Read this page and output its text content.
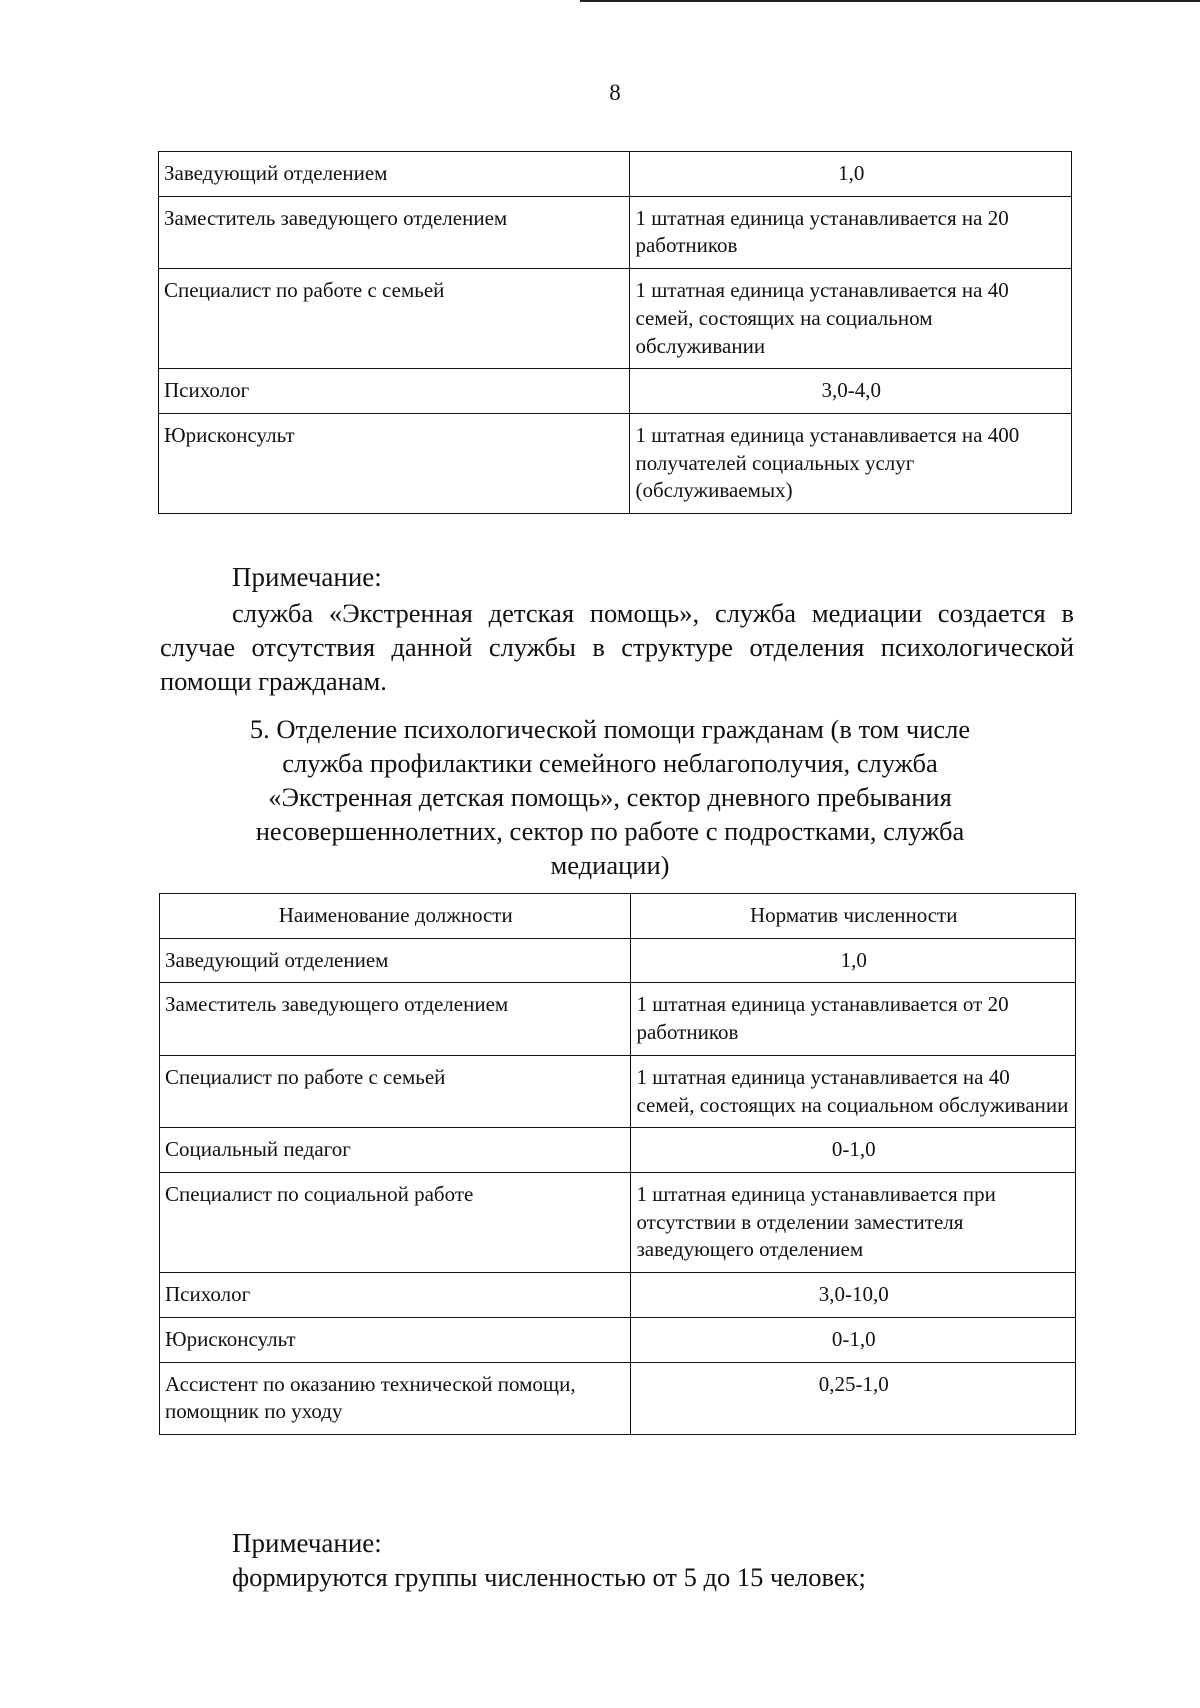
8
Заведующий отделением	1,0
Заместитель заведующего отделением	1 штатная единица устанавливается на 20 работников
Специалист по работе с семьей	1 штатная единица устанавливается на 40 семей, состоящих на социальном обслуживании
Психолог	3,0-4,0
Юрисконсульт	1 штатная единица устанавливается на 400 получателей социальных услуг (обслуживаемых)
Примечание:
служба «Экстренная детская помощь», служба медиации создается в случае отсутствия данной службы в структуре отделения психологической помощи гражданам.
5. Отделение психологической помощи гражданам (в том числе служба профилактики семейного неблагополучия, служба «Экстренная детская помощь», сектор дневного пребывания несовершеннолетних, сектор по работе с подростками, служба медиации)
Наименование должности	Норматив численности
Заведующий отделением	1,0
Заместитель заведующего отделением	1 штатная единица устанавливается от 20 работников
Специалист по работе с семьей	1 штатная единица устанавливается на 40 семей, состоящих на социальном обслуживании
Социальный педагог	0-1,0
Специалист по социальной работе	1 штатная единица устанавливается при отсутствии в отделении заместителя заведующего отделением
Психолог	3,0-10,0
Юрисконсульт	0-1,0
Ассистент по оказанию технической помощи, помощник по уходу	0,25-1,0
Примечание:
формируются группы численностью от 5 до 15 человек;
